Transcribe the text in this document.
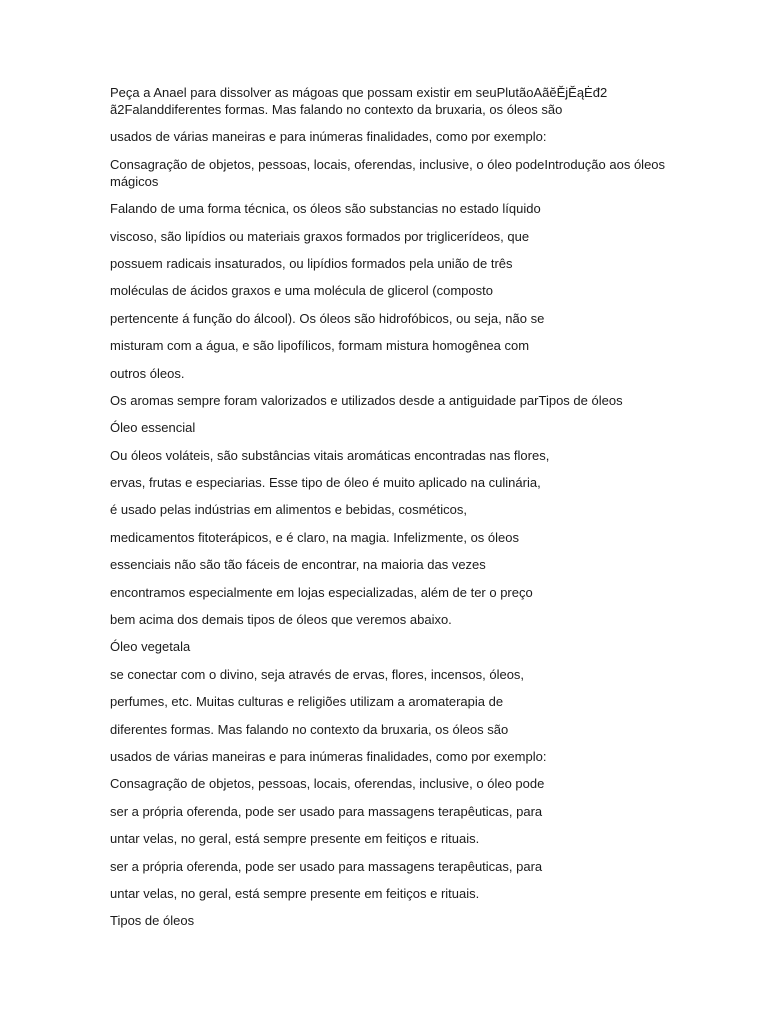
Peça a Anael para dissolver as mágoas que possam existir em seuPlutãoAãĕĔjĔąĖđ2 ã2Falanddiferentes formas. Mas falando no contexto da bruxaria, os óleos são

usados de várias maneiras e para inúmeras finalidades, como por exemplo:

Consagração de objetos, pessoas, locais, oferendas, inclusive, o óleo podeIntrodução aos óleos mágicos

Falando de uma forma técnica, os óleos são substancias no estado líquido

viscoso, são lipídios ou materiais graxos formados por triglicerídeos, que

possuem radicais insaturados, ou lipídios formados pela união de três

moléculas de ácidos graxos e uma molécula de glicerol (composto

pertencente á função do álcool). Os óleos são hidrofóbicos, ou seja, não se

misturam com a água, e são lipofílicos, formam mistura homogênea com

outros óleos.

Os aromas sempre foram valorizados e utilizados desde a antiguidade parTipos de óleos

Óleo essencial

Ou óleos voláteis, são substâncias vitais aromáticas encontradas nas flores,

ervas, frutas e especiarias. Esse tipo de óleo é muito aplicado na culinária,

é usado pelas indústrias em alimentos e bebidas, cosméticos,

medicamentos fitoterápicos, e é claro, na magia. Infelizmente, os óleos

essenciais não são tão fáceis de encontrar, na maioria das vezes

encontramos especialmente em lojas especializadas, além de ter o preço

bem acima dos demais tipos de óleos que veremos abaixo.

Óleo vegetala

se conectar com o divino, seja através de ervas, flores, incensos, óleos,

perfumes, etc. Muitas culturas e religiões utilizam a aromaterapia de

diferentes formas. Mas falando no contexto da bruxaria, os óleos são

usados de várias maneiras e para inúmeras finalidades, como por exemplo:

Consagração de objetos, pessoas, locais, oferendas, inclusive, o óleo pode

ser a própria oferenda, pode ser usado para massagens terapêuticas, para

untar velas, no geral, está sempre presente em feitiços e rituais.

ser a própria oferenda, pode ser usado para massagens terapêuticas, para

untar velas, no geral, está sempre presente em feitiços e rituais.

Tipos de óleos
